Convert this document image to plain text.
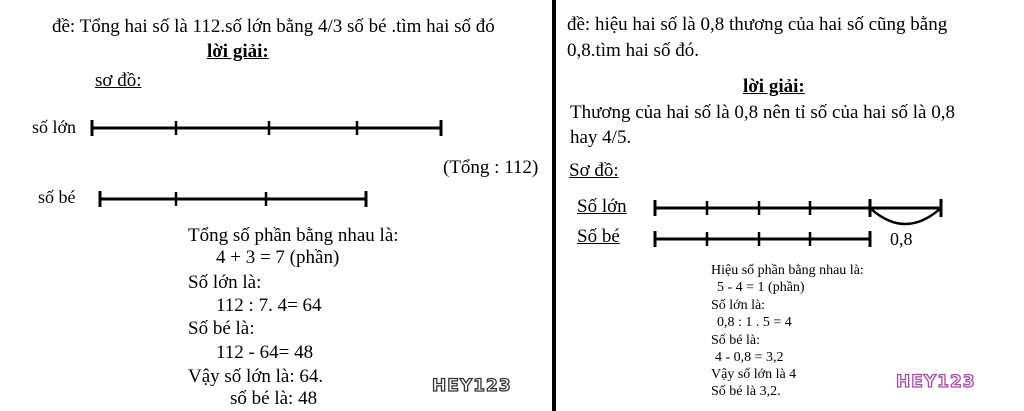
đề: Tổng hai số là 112.số lớn bằng 4/3 số bé .tìm hai số đó
lời giải:
sơ đồ:
số lớn
(Tổng : 112)
số bé
Tổng số phần bằng nhau là:
4 + 3 = 7 (phần)
Số lớn là:
112 : 7. 4= 64
Số bé là:
112 - 64= 48
Vậy số lớn là: 64.
số bé là: 48
HEY123
đề: hiệu hai số là 0,8 thương của hai số cũng bằng
0,8.tìm hai số đó.
lời giải:
Thương của hai số là 0,8 nên tỉ số của hai số là 0,8
hay 4/5.
Sơ đồ:
Số lớn
Số bé	0,8
Hiệu số phần bằng nhau là:
5 - 4 = 1 (phần)
Số lớn là:
0,8 : 1 . 5 = 4
Số bé là:
4 - 0,8 = 3,2
Vậy số lớn là 4
Số bé là 3,2.	HEY123
